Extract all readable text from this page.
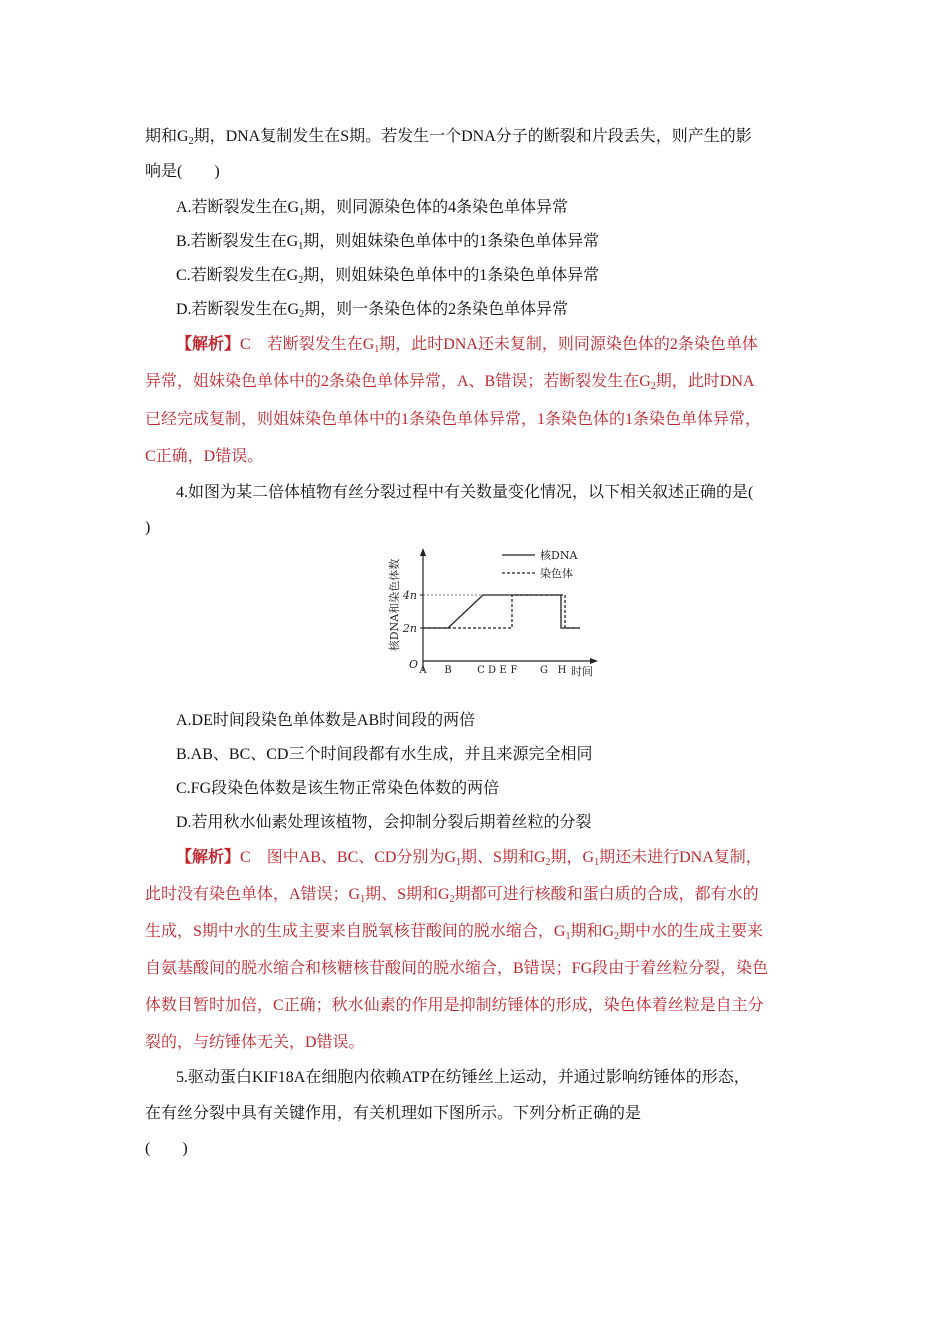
期和$G_2$期，DNA复制发生在S期。若发生一个DNA分子的断裂和片段丢失，则产生的影
响是(　　)
A.若断裂发生在$G_1$期，则同源染色体的4条染色单体异常
B.若断裂发生在$G_1$期，则姐妹染色单体中的1条染色单体异常
C.若断裂发生在$G_2$期，则姐妹染色单体中的1条染色单体异常
D.若断裂发生在$G_2$期，则一条染色体的2条染色单体异常
【解析】C　若断裂发生在$G_1$期，此时DNA还未复制，则同源染色体的2条染色单体
异常，姐妹染色单体中的2条染色单体异常，A、B错误；若断裂发生在$G_2$期，此时DNA
已经完成复制，则姐妹染色单体中的1条染色单体异常，1条染色体的1条染色单体异常，
C正确，D错误。
4.如图为某二倍体植物有丝分裂过程中有关数量变化情况，以下相关叙述正确的是(
)
核DNA和染色体数 4n
2n
O
核DNA
染色体
A B	C D E F G H 时间
A.DE时间段染色单体数是AB时间段的两倍
B.AB、BC、CD三个时间段都有水生成，并且来源完全相同
C.FG段染色体数是该生物正常染色体数的两倍
D.若用秋水仙素处理该植物，会抑制分裂后期着丝粒的分裂
【解析】C　图中AB、BC、CD分别为$G_1$期、S期和$G_2$期，$G_1$期还未进行DNA复制，
此时没有染色单体，A错误；$G_1$期、S期和$G_2$期都可进行核酸和蛋白质的合成，都有水的
生成，S期中水的生成主要来自脱氧核苷酸间的脱水缩合，$G_1$期和$G_2$期中水的生成主要来
自氨基酸间的脱水缩合和核糖核苷酸间的脱水缩合，B错误；FG段由于着丝粒分裂，染色
体数目暂时加倍，C正确；秋水仙素的作用是抑制纺锤体的形成，染色体着丝粒是自主分
裂的，与纺锤体无关，D错误。
5.驱动蛋白KIF18A在细胞内依赖ATP在纺锤丝上运动，并通过影响纺锤体的形态，
在有丝分裂中具有关键作用，有关机理如下图所示。下列分析正确的是
(　　)
